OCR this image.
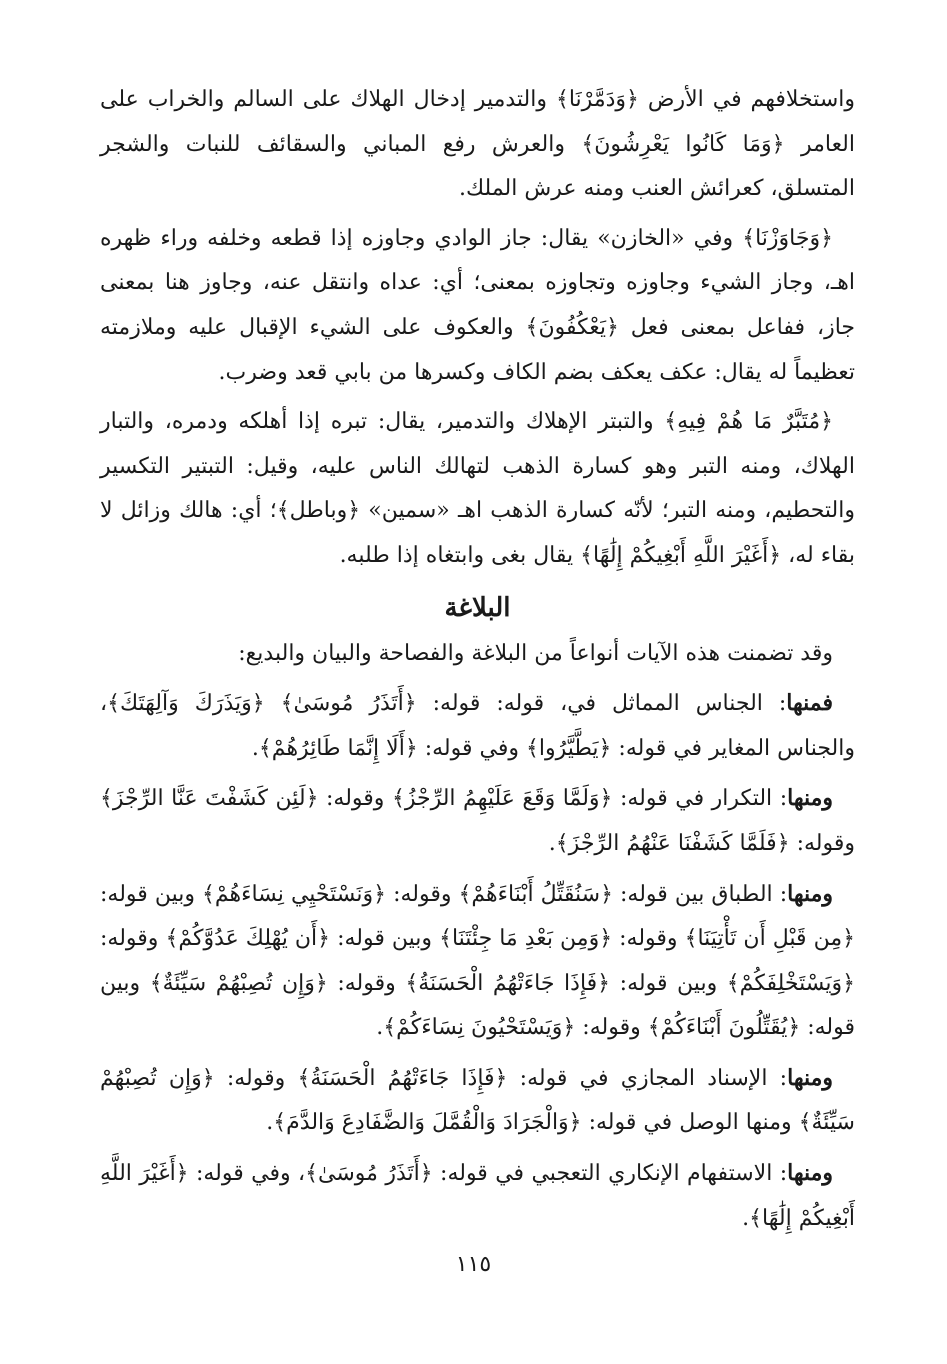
واستخلافهم في الأرض ﴿وَدَمَّرْنَا﴾ والتدمير إدخال الهلاك على السالم والخراب على العامر ﴿وَمَا كَانُوا يَعْرِشُونَ﴾ والعرش رفع المباني والسقائف للنبات والشجر المتسلق، كعرائش العنب ومنه عرش الملك.

﴿وَجَاوَزْنَا﴾ وفي «الخازن» يقال: جاز الوادي وجاوزه إذا قطعه وخلفه وراء ظهره اهـ، وجاز الشيء وجاوزه وتجاوزه بمعنى؛ أي: عداه وانتقل عنه، وجاوز هنا بمعنى جاز، ففاعل بمعنى فعل ﴿يَعْكُفُونَ﴾ والعكوف على الشيء الإقبال عليه وملازمته تعظيماً له يقال: عكف يعكف بضم الكاف وكسرها من بابي قعد وضرب.

﴿مُتَبَّرٌ مَا هُمْ فِيهِ﴾ والتبتر الإهلاك والتدمير، يقال: تبره إذا أهلكه ودمره، والتبار الهلاك، ومنه التبر وهو كسارة الذهب لتهالك الناس عليه، وقيل: التبتير التكسير والتحطيم، ومنه التبر؛ لأنّه كسارة الذهب اهـ «سمين» ﴿وباطل﴾؛ أي: هالك وزائل لا بقاء له، ﴿أَغَيْرَ اللَّهِ أَبْغِيكُمْ إِلَٰهًا﴾ يقال بغى وابتغاه إذا طلبه.

البلاغة

وقد تضمنت هذه الآيات أنواعاً من البلاغة والفصاحة والبيان والبديع:

فمنها: الجناس المماثل في، قوله: قوله: ﴿أَتَذَرُ مُوسَىٰ﴾ ﴿وَيَذَرَكَ وَآلِهَتَكَ﴾، والجناس المغاير في قوله: ﴿يَطَّيَّرُوا﴾ وفي قوله: ﴿أَلَا إِنَّمَا طَائِرُهُمْ﴾.

ومنها: التكرار في قوله: ﴿وَلَمَّا وَقَعَ عَلَيْهِمُ الرِّجْزُ﴾ وقوله: ﴿لَئِن كَشَفْتَ عَنَّا الرِّجْزَ﴾ وقوله: ﴿فَلَمَّا كَشَفْنَا عَنْهُمُ الرِّجْزَ﴾.

ومنها: الطباق بين قوله: ﴿سَنُقَتِّلُ أَبْنَاءَهُمْ﴾ وقوله: ﴿وَنَسْتَحْيِي نِسَاءَهُمْ﴾ وبين قوله: ﴿مِن قَبْلِ أَن تَأْتِيَنَا﴾ وقوله: ﴿وَمِن بَعْدِ مَا جِئْتَنَا﴾ وبين قوله: ﴿أَن يُهْلِكَ عَدُوَّكُمْ﴾ وقوله: ﴿وَيَسْتَخْلِفَكُمْ﴾ وبين قوله: ﴿فَإِذَا جَاءَتْهُمُ الْحَسَنَةُ﴾ وقوله: ﴿وَإِن تُصِبْهُمْ سَيِّئَةٌ﴾ وبين قوله: ﴿يُقَتِّلُونَ أَبْنَاءَكُمْ﴾ وقوله: ﴿وَيَسْتَحْيُونَ نِسَاءَكُمْ﴾.

ومنها: الإسناد المجازي في قوله: ﴿فَإِذَا جَاءَتْهُمُ الْحَسَنَةُ﴾ وقوله: ﴿وَإِن تُصِبْهُمْ سَيِّئَةٌ﴾ ومنها الوصل في قوله: ﴿وَالْجَرَادَ وَالْقُمَّلَ وَالضَّفَادِعَ وَالدَّمَ﴾.

ومنها: الاستفهام الإنكاري التعجبي في قوله: ﴿أَتَذَرُ مُوسَىٰ﴾، وفي قوله: ﴿أَغَيْرَ اللَّهِ أَبْغِيكُمْ إِلَٰهًا﴾.

١١٥
